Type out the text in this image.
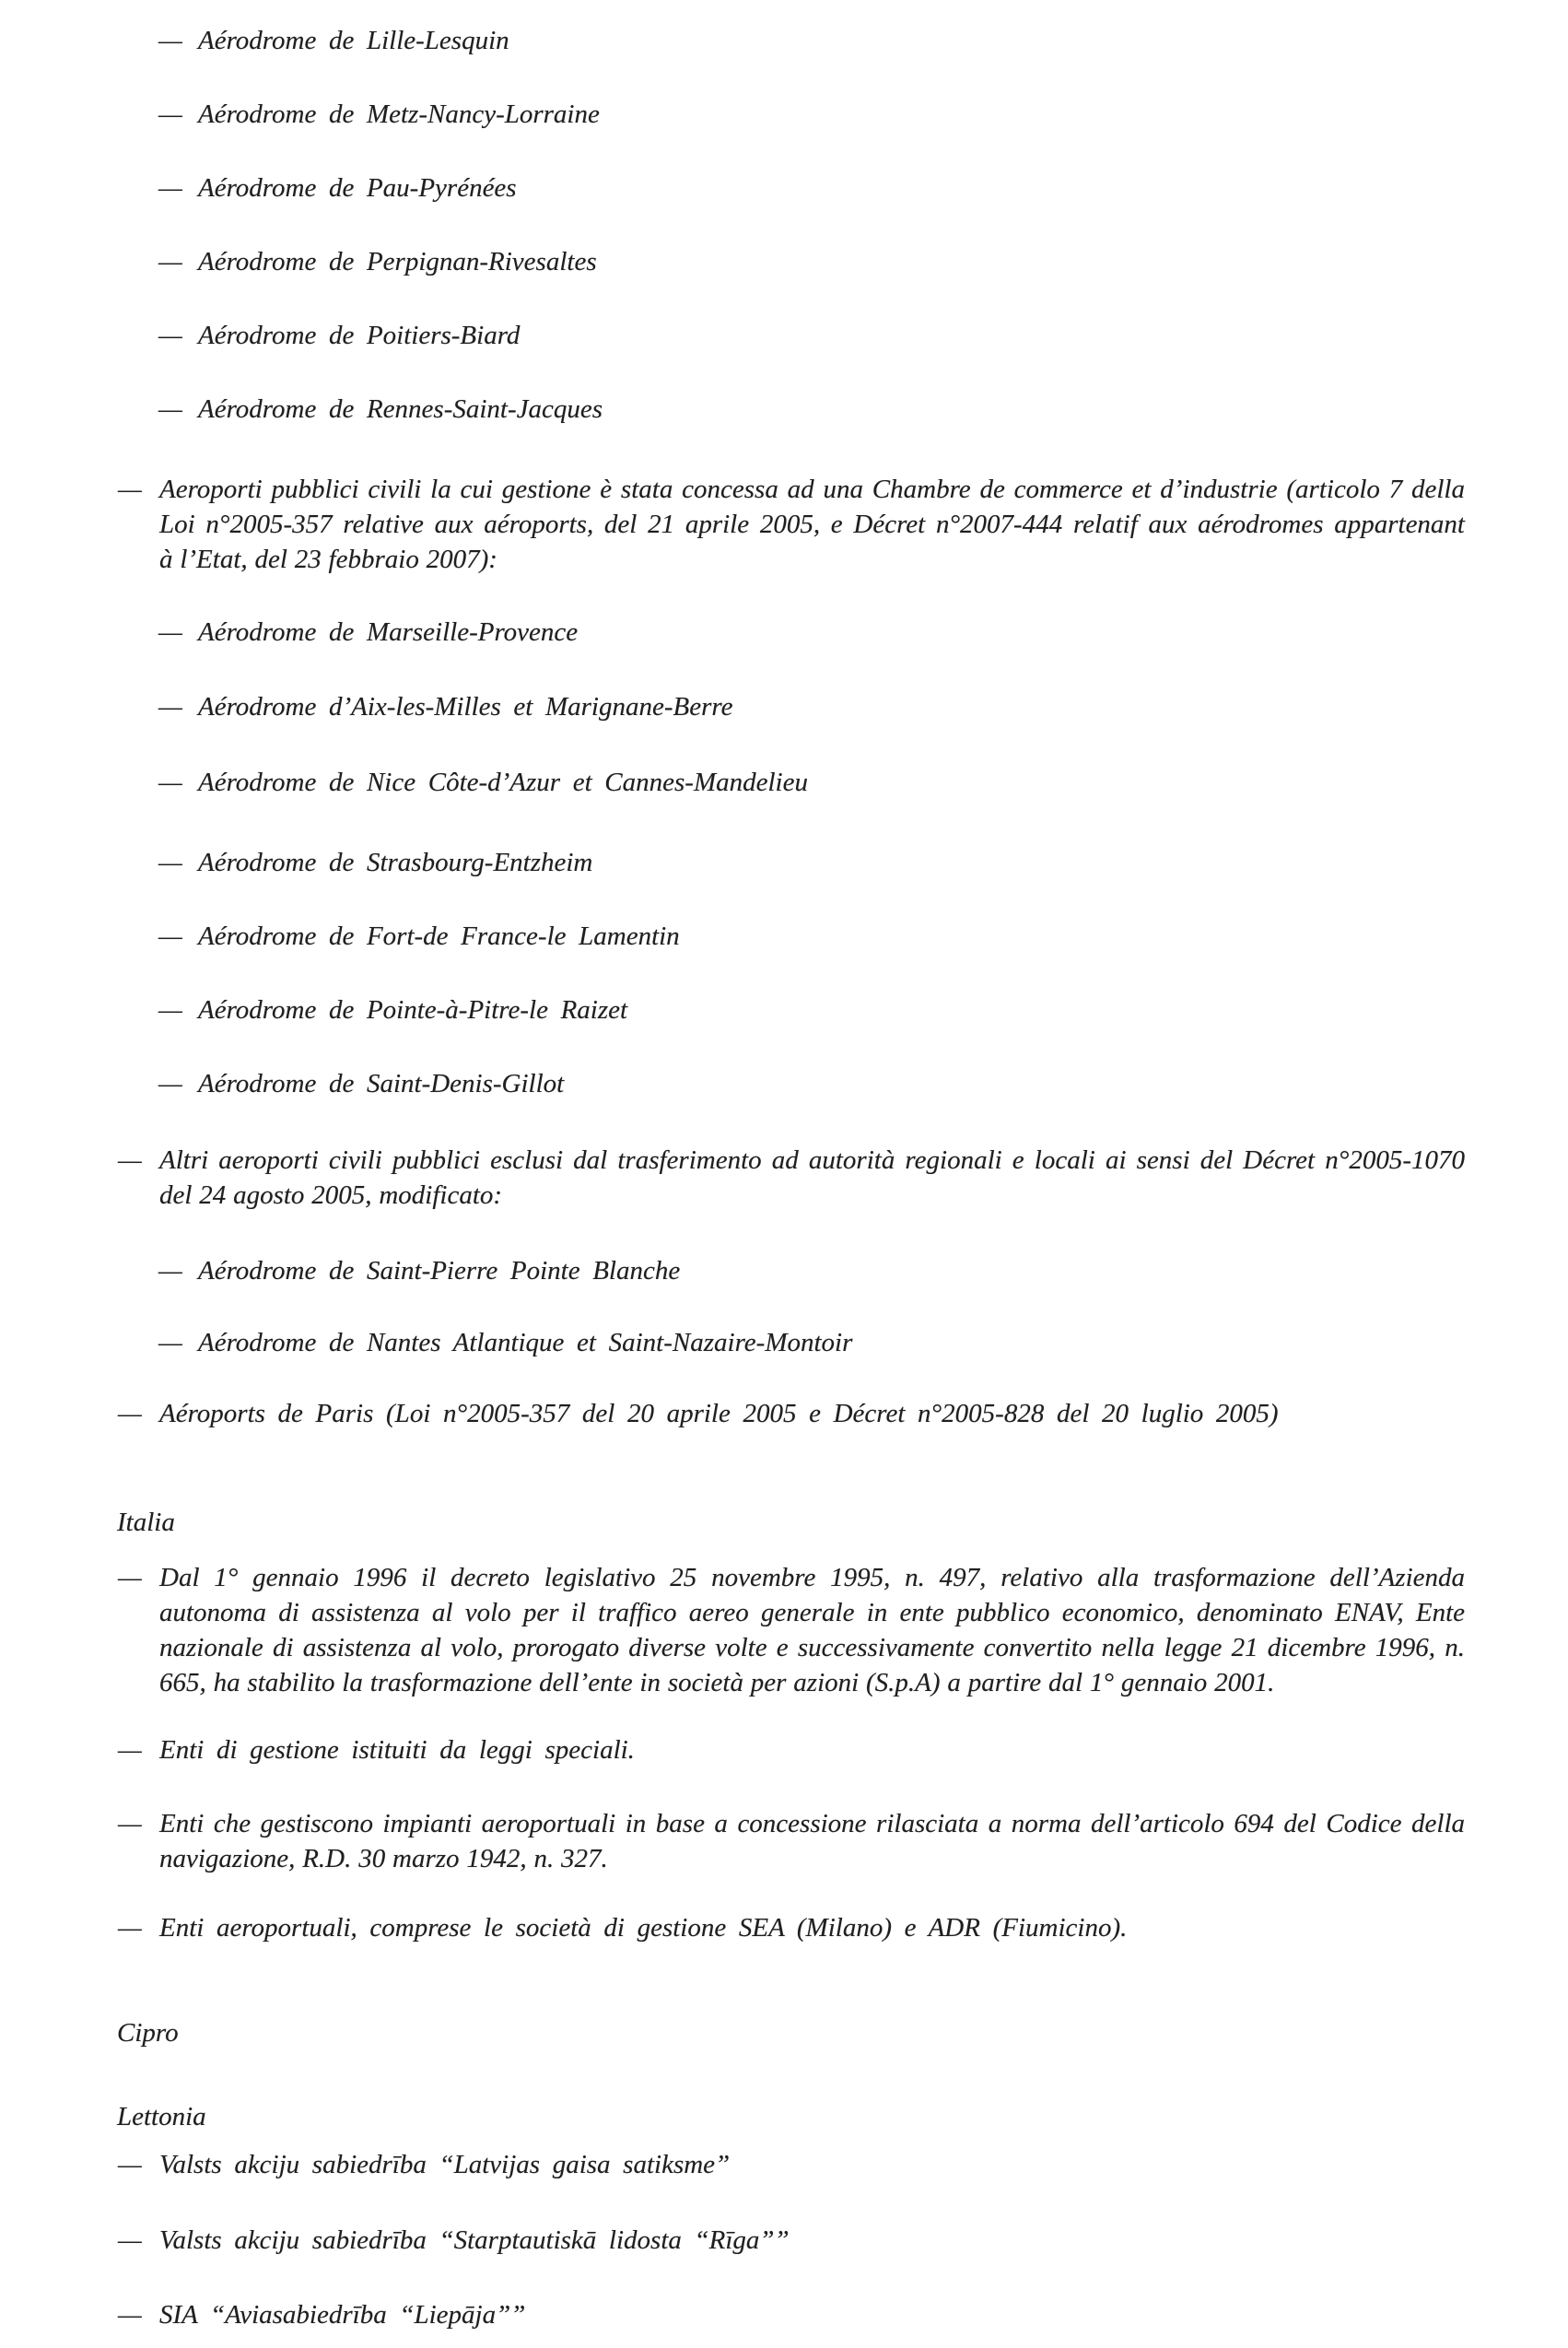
— Aérodrome de Lille-Lesquin
— Aérodrome de Metz-Nancy-Lorraine
— Aérodrome de Pau-Pyrénées
— Aérodrome de Perpignan-Rivesaltes
— Aérodrome de Poitiers-Biard
— Aérodrome de Rennes-Saint-Jacques
— Aeroporti pubblici civili la cui gestione è stata concessa ad una Chambre de commerce et d’industrie (articolo 7 della
Loi n°2005-357 relative aux aéroports, del 21 aprile 2005, e Décret n°2007-444 relatif aux aérodromes appartenant
à l’Etat, del 23 febbraio 2007):
— Aérodrome de Marseille-Provence
— Aérodrome d’Aix-les-Milles et Marignane-Berre
— Aérodrome de Nice Côte-d’Azur et Cannes-Mandelieu
— Aérodrome de Strasbourg-Entzheim
— Aérodrome de Fort-de France-le Lamentin
— Aérodrome de Pointe-à-Pitre-le Raizet
— Aérodrome de Saint-Denis-Gillot
— Altri aeroporti civili pubblici esclusi dal trasferimento ad autorità regionali e locali ai sensi del Décret n°2005-1070
del 24 agosto 2005, modificato:
— Aérodrome de Saint-Pierre Pointe Blanche
— Aérodrome de Nantes Atlantique et Saint-Nazaire-Montoir
— Aéroports de Paris (Loi n°2005-357 del 20 aprile 2005 e Décret n°2005-828 del 20 luglio 2005)
Italia
— Dal 1° gennaio 1996 il decreto legislativo 25 novembre 1995, n. 497, relativo alla trasformazione dell’Azienda
autonoma di assistenza al volo per il traffico aereo generale in ente pubblico economico, denominato ENAV, Ente
nazionale di assistenza al volo, prorogato diverse volte e successivamente convertito nella legge 21 dicembre 1996, n.
665, ha stabilito la trasformazione dell’ente in società per azioni (S.p.A) a partire dal 1° gennaio 2001.
— Enti di gestione istituiti da leggi speciali.
— Enti che gestiscono impianti aeroportuali in base a concessione rilasciata a norma dell’articolo 694 del Codice della
navigazione, R.D. 30 marzo 1942, n. 327.
— Enti aeroportuali, comprese le società di gestione SEA (Milano) e ADR (Fiumicino).
Cipro
Lettonia
— Valsts akciju sabiedrība “Latvijas gaisa satiksme”
— Valsts akciju sabiedrība “Starptautiskā lidosta “Rīga””
— SIA “Aviasabiedrība “Liepāja””
